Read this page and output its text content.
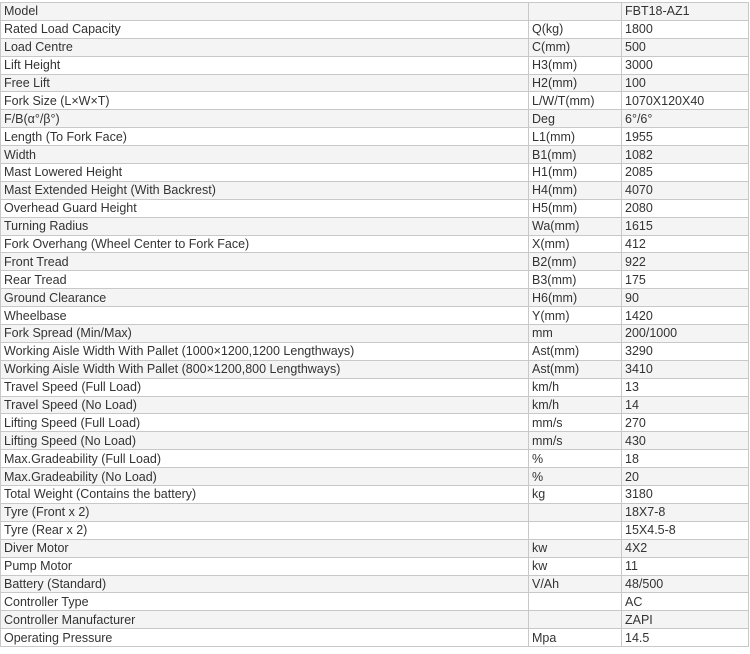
Model		FBT18-AZ1
Rated Load Capacity	Q(kg)	1800
Load Centre	C(mm)	500
Lift Height	H3(mm)	3000
Free Lift	H2(mm)	100
Fork Size (L×W×T)	L/W/T(mm)	1070X120X40
F/B(α°/β°)	Deg	6°/6°
Length (To Fork Face)	L1(mm)	1955
Width	B1(mm)	1082
Mast Lowered Height	H1(mm)	2085
Mast Extended Height (With Backrest)	H4(mm)	4070
Overhead Guard Height	H5(mm)	2080
Turning Radius	Wa(mm)	1615
Fork Overhang (Wheel Center to Fork Face)	X(mm)	412
Front Tread	B2(mm)	922
Rear Tread	B3(mm)	175
Ground Clearance	H6(mm)	90
Wheelbase	Y(mm)	1420
Fork Spread (Min/Max)	mm	200/1000
Working Aisle Width With Pallet (1000×1200,1200 Lengthways)	Ast(mm)	3290
Working Aisle Width With Pallet (800×1200,800 Lengthways)	Ast(mm)	3410
Travel Speed (Full Load)	km/h	13
Travel Speed (No Load)	km/h	14
Lifting Speed (Full Load)	mm/s	270
Lifting Speed (No Load)	mm/s	430
Max.Gradeability (Full Load)	%	18
Max.Gradeability (No Load)	%	20
Total Weight (Contains the battery)	kg	3180
Tyre (Front x 2)		18X7-8
Tyre (Rear x 2)		15X4.5-8
Diver Motor	kw	4X2
Pump Motor	kw	11
Battery (Standard)	V/Ah	48/500
Controller Type		AC
Controller Manufacturer		ZAPI
Operating Pressure	Mpa	14.5
